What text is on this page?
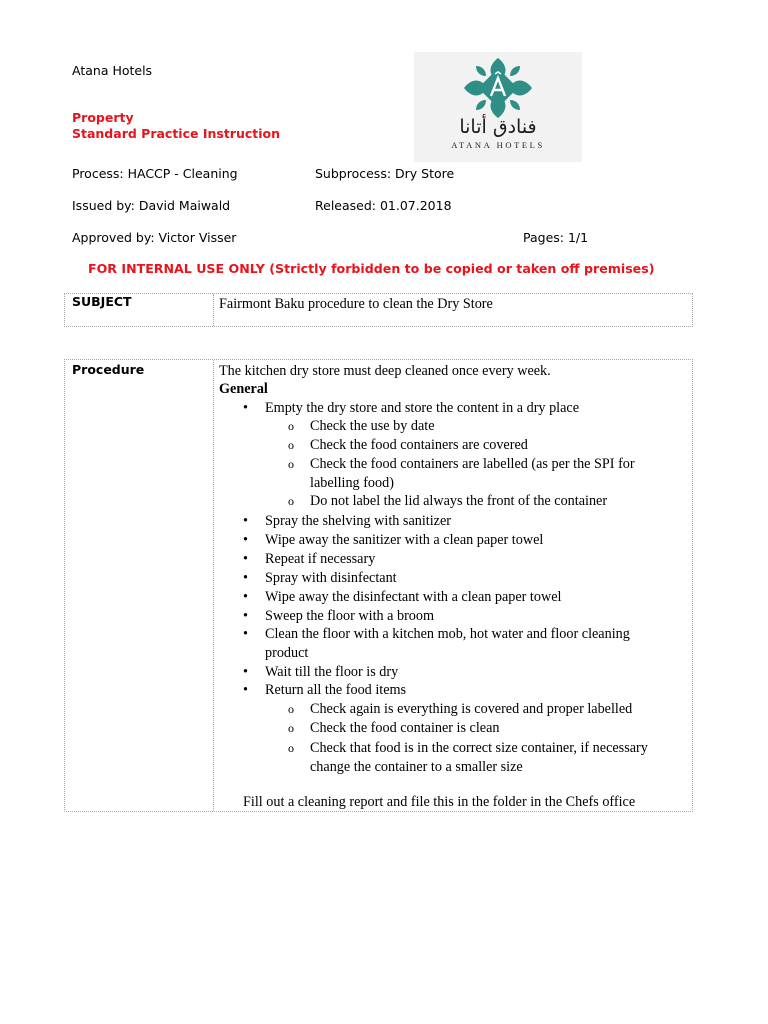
Atana Hotels
فنادق أتانا
ATANA HOTELS
Property
Standard Practice Instruction
Process: HACCP - Cleaning	Subprocess: Dry Store
Issued by: David Maiwald	Released: 01.07.2018
Approved by: Victor Visser	Pages: 1/1
FOR INTERNAL USE ONLY (Strictly forbidden to be copied or taken off premises)
SUBJECT	Fairmont Baku procedure to clean the Dry Store
Procedure	The kitchen dry store must deep cleaned once every week.
General
Fill out a cleaning report and file this in the folder in the Chefs office
• Empty the dry store and store the content in a dry place
o Check the use by date
o Check the food containers are covered
o Check the food containers are labelled (as per the SPI for
labelling food)
o Do not label the lid always the front of the container
• Spray the shelving with sanitizer
• Wipe away the sanitizer with a clean paper towel
• Repeat if necessary
• Spray with disinfectant
• Wipe away the disinfectant with a clean paper towel
• Sweep the floor with a broom
• Clean the floor with a kitchen mob, hot water and floor cleaning
product
• Wait till the floor is dry
• Return all the food items
o Check again is everything is covered and proper labelled
o Check the food container is clean
o Check that food is in the correct size container, if necessary
change the container to a smaller size
